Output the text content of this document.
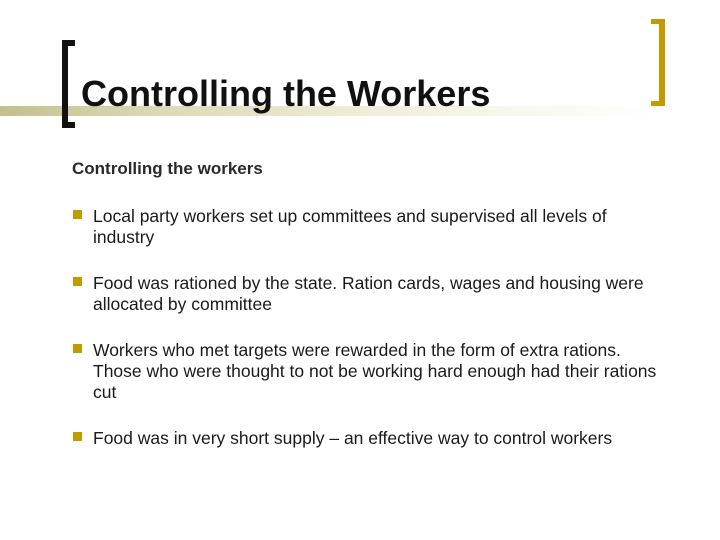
Controlling the Workers

Controlling the workers

Local party workers set up committees and supervised all levels of industry
Food was rationed by the state. Ration cards, wages and housing were allocated by committee
Workers who met targets were rewarded in the form of extra rations. Those who were thought to not be working hard enough had their rations cut
Food was in very short supply – an effective way to control workers
